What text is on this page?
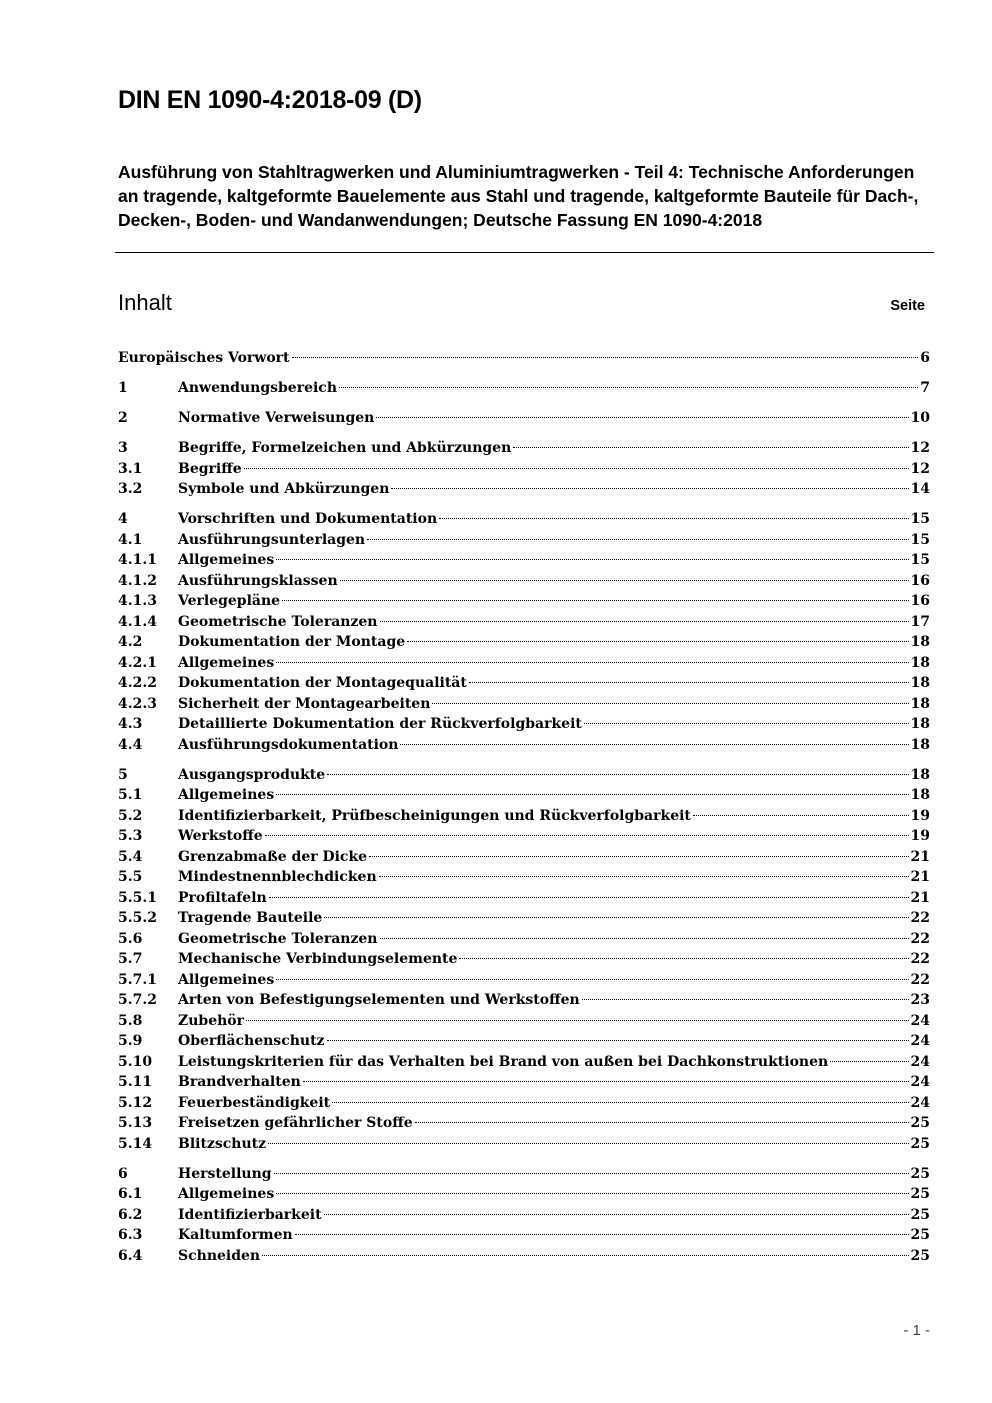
DIN EN 1090-4:2018-09 (D)
Ausführung von Stahltragwerken und Aluminiumtragwerken - Teil 4: Technische Anforderungen an tragende, kaltgeformte Bauelemente aus Stahl und tragende, kaltgeformte Bauteile für Dach-, Decken-, Boden- und Wandanwendungen; Deutsche Fassung EN 1090-4:2018
Inhalt	Seite
Europäisches Vorwort	6
1	Anwendungsbereich	7
2	Normative Verweisungen	10
3	Begriffe, Formelzeichen und Abkürzungen	12
3.1	Begriffe	12
3.2	Symbole und Abkürzungen	14
4	Vorschriften und Dokumentation	15
4.1	Ausführungsunterlagen	15
4.1.1	Allgemeines	15
4.1.2	Ausführungsklassen	16
4.1.3	Verlegepläne	16
4.1.4	Geometrische Toleranzen	17
4.2	Dokumentation der Montage	18
4.2.1	Allgemeines	18
4.2.2	Dokumentation der Montagequalität	18
4.2.3	Sicherheit der Montagearbeiten	18
4.3	Detaillierte Dokumentation der Rückverfolgbarkeit	18
4.4	Ausführungsdokumentation	18
5	Ausgangsprodukte	18
5.1	Allgemeines	18
5.2	Identifizierbarkeit, Prüfbescheinigungen und Rückverfolgbarkeit	19
5.3	Werkstoffe	19
5.4	Grenzabmaße der Dicke	21
5.5	Mindestnennblechdicken	21
5.5.1	Profiltafeln	21
5.5.2	Tragende Bauteile	22
5.6	Geometrische Toleranzen	22
5.7	Mechanische Verbindungselemente	22
5.7.1	Allgemeines	22
5.7.2	Arten von Befestigungselementen und Werkstoffen	23
5.8	Zubehör	24
5.9	Oberflächenschutz	24
5.10	Leistungskriterien für das Verhalten bei Brand von außen bei Dachkonstruktionen	24
5.11	Brandverhalten	24
5.12	Feuerbeständigkeit	24
5.13	Freisetzen gefährlicher Stoffe	25
5.14	Blitzschutz	25
6	Herstellung	25
6.1	Allgemeines	25
6.2	Identifizierbarkeit	25
6.3	Kaltumformen	25
6.4	Schneiden	25
- 1 -
